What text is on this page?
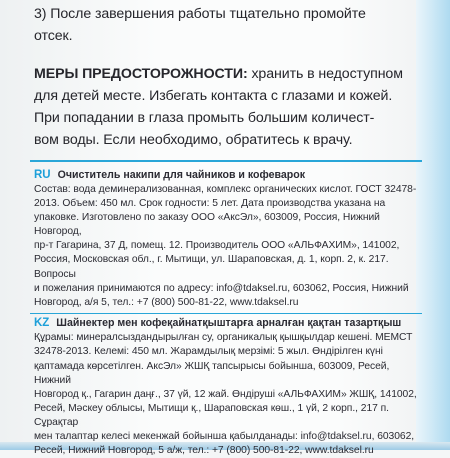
3) После завершения работы тщательно промойте
отсек.
МЕРЫ ПРЕДОСТОРОЖНОСТИ: хранить в недоступном
для детей месте. Избегать контакта с глазами и кожей.
При попадании в глаза промыть большим количест-
вом воды. Если необходимо, обратитесь к врачу.
RU Очиститель накипи для чайников и кофеварок
Состав: вода деминерализованная, комплекс органических кислот. ГОСТ 32478-
2013. Объем: 450 мл. Срок годности: 5 лет. Дата производства указана на
упаковке. Изготовлено по заказу ООО «АксЭл», 603009, Россия, Нижний Новгород,
пр-т Гагарина, 37 Д, помещ. 12. Производитель ООО «АЛЬФАХИМ», 141002,
Россия, Московская обл., г. Мытищи, ул. Шараповская, д. 1, корп. 2, к. 217. Вопросы
и пожелания принимаются по адресу: info@tdaksel.ru, 603062, Россия, Нижний
Новгород, а/я 5, тел.: +7 (800) 500-81-22, www.tdaksel.ru
KZ Шайнектер мен кофеқайнатқыштарға арналған қақтан тазартқыш
Құрамы: минералсыздандырылған су, органикалық қышқылдар кешені. МЕМСТ
32478-2013. Келемі: 450 мл. Жарамдылық мерзімі: 5 жыл. Өндірілген күні
қаптамада көрсетілген. АксЭл» ЖШҚ тапсырысы бойынша, 603009, Ресей, Нижний
Новгород қ., Гагарин даңғ., 37 үй, 12 жай. Өндіруші «АЛЬФАХИМ» ЖШҚ, 141002,
Ресей, Мәскеу облысы, Мытищи қ., Шараповская көш., 1 үй, 2 корп., 217 п. Сұрақтар
мен талаптар келесі мекенжай бойынша қабылданады: info@tdaksel.ru, 603062,
Ресей, Нижний Новгород, 5 а/ж, тел.: +7 (800) 500-81-22, www.tdaksel.ru
